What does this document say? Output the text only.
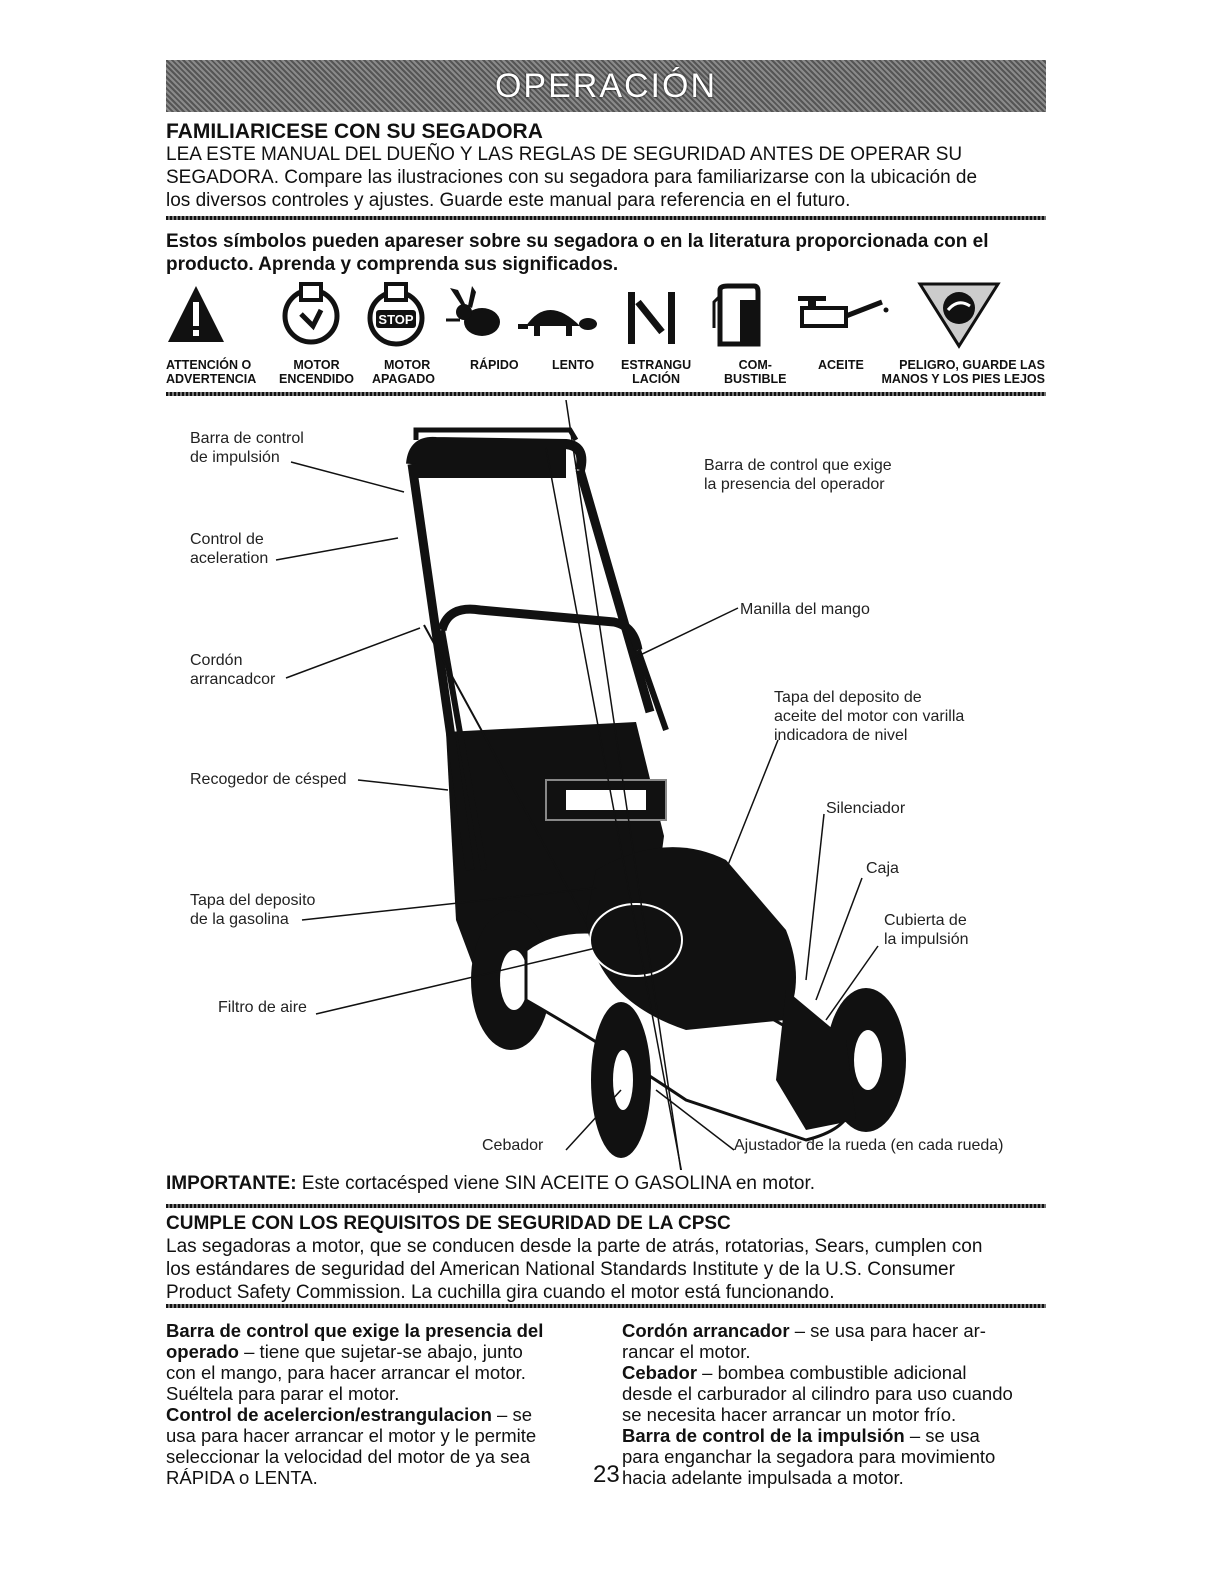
OPERACIÓN
FAMILIARICESE CON SU SEGADORA
LEA ESTE MANUAL DEL DUEÑO Y LAS REGLAS DE SEGURIDAD ANTES DE OPERAR SU
SEGADORA. Compare las ilustraciones con su segadora para familiarizarse con la ubicación de
los diversos controles y ajustes. Guarde este manual para referencia en el futuro.
Estos símbolos pueden apareser sobre su segadora o en la literatura proporcionada con el
producto. Aprenda y comprenda sus significados.
STOP
ATTENCIÓN O
ADVERTENCIA
MOTOR
ENCENDIDO
MOTOR
APAGADO
RÁPIDO	LENTO ESTRANGU
LACIÓN
COM-
BUSTIBLE
ACEITE	PELIGRO, GUARDE LAS
MANOS Y LOS PIES LEJOS
Barra de control
de impulsión
Control de
aceleration
Cordón
arrancadcor
Recogedor de césped
Tapa del deposito
de la gasolina
Filtro de aire
Cebador
Barra de control que exige
la presencia del operador
Manilla del mango
Tapa del deposito de
aceite del motor con varilla
indicadora de nivel
Silenciador
Caja
Cubierta de
la impulsión
Ajustador de la rueda (en cada rueda)
IMPORTANTE: Este cortacésped viene SIN ACEITE O GASOLINA en motor.
CUMPLE CON LOS REQUISITOS DE SEGURIDAD DE LA CPSC
Las segadoras a motor, que se conducen desde la parte de atrás, rotatorias, Sears, cumplen con
los estándares de seguridad del American National Standards Institute y de la U.S. Consumer
Product Safety Commission. La cuchilla gira cuando el motor está funcionando.
Barra de control que exige la presencia del
operado – tiene que sujetar-se abajo, junto
con el mango, para hacer arrancar el motor.
Suéltela para parar el motor.
Control de acelercion/estrangulacion – se
usa para hacer arrancar el motor y le permite
seleccionar la velocidad del motor de ya sea
RÁPIDA o LENTA.
Cordón arrancador – se usa para hacer ar-
rancar el motor.
Cebador – bombea combustible adicional
desde el carburador al cilindro para uso cuando
se necesita hacer arrancar un motor frío.
Barra de control de la impulsión – se usa
para enganchar la segadora para movimiento
hacia adelante impulsada a motor.
23
